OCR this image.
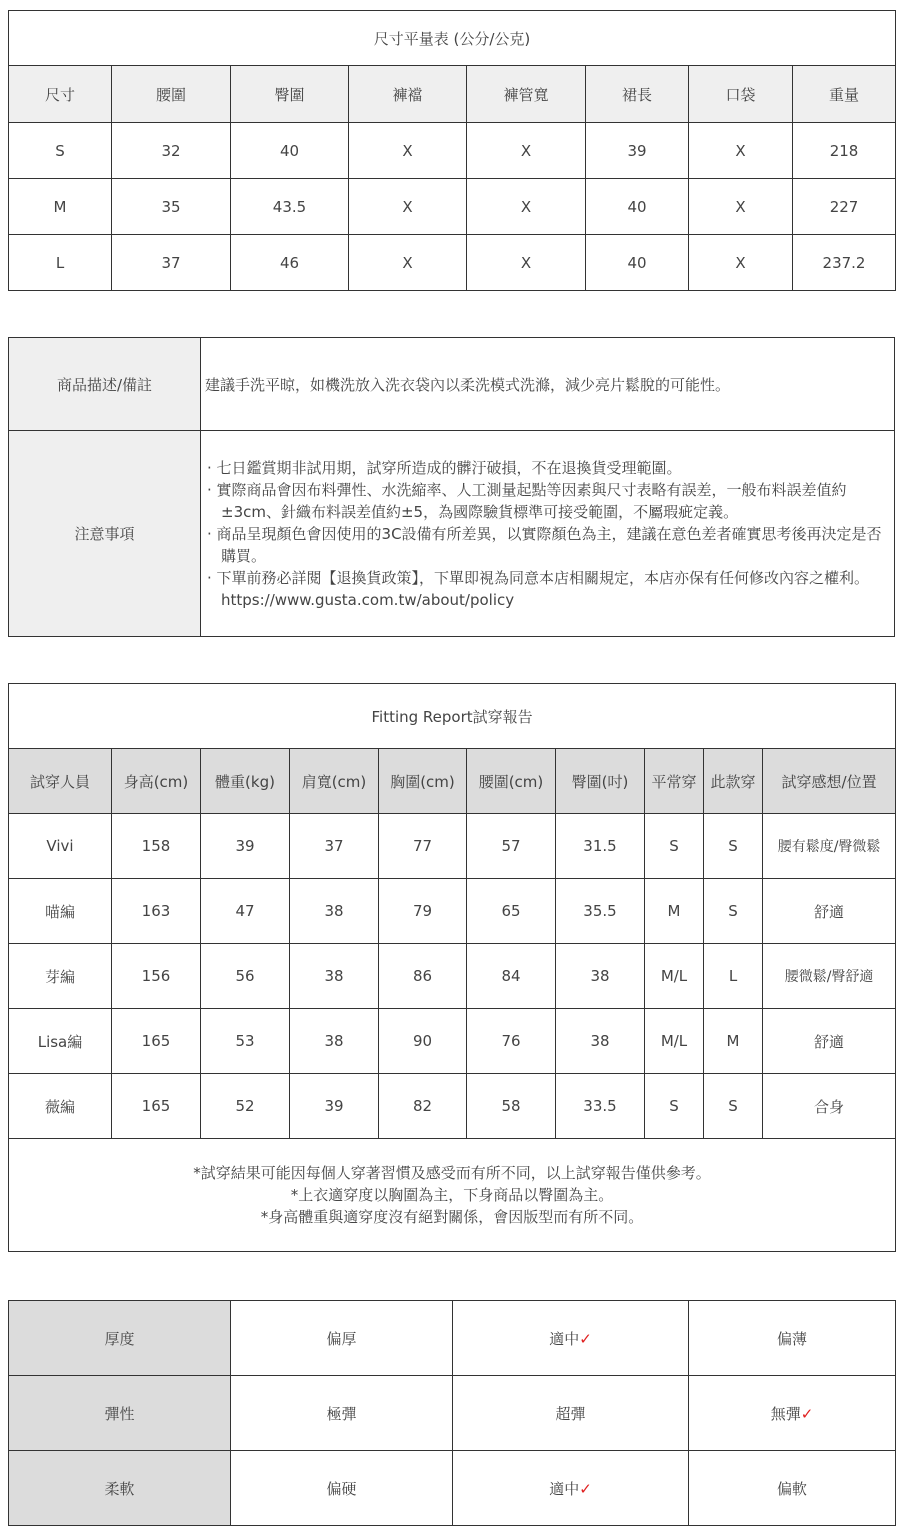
尺寸平量表 (公分/公克)							
尺寸	腰圍	臀圍	褲襠	褲管寬	裙長	口袋	重量
S	32	40	X	X	39	X	218
M	35	43.5	X	X	40	X	227
L	37	46	X	X	40	X	237.2
商品描述/備註	建議手洗平晾，如機洗放入洗衣袋內以柔洗模式洗滌，減少亮片鬆脫的可能性。
注意事項	· 七日鑑賞期非試用期，試穿所造成的髒汙破損，不在退換貨受理範圍。
· 實際商品會因布料彈性、水洗縮率、人工測量起點等因素與尺寸表略有誤差，一般布料誤差值約±3cm、針織布料誤差值約±5，為國際驗貨標準可接受範圍，不屬瑕疵定義。
· 商品呈現顏色會因使用的3C設備有所差異，以實際顏色為主，建議在意色差者確實思考後再決定是否購買。
· 下單前務必詳閱【退換貨政策】，下單即視為同意本店相關規定，本店亦保有任何修改內容之權利。https://www.gusta.com.tw/about/policy
Fitting Report試穿報告									
試穿人員	身高(cm)	體重(kg)	肩寬(cm)	胸圍(cm)	腰圍(cm)	臀圍(吋)	平常穿	此款穿	試穿感想/位置
Vivi	158	39	37	77	57	31.5	S	S	腰有鬆度/臀微鬆
喵編	163	47	38	79	65	35.5	M	S	舒適
芽編	156	56	38	86	84	38	M/L	L	腰微鬆/臀舒適
Lisa編	165	53	38	90	76	38	M/L	M	舒適
薇編	165	52	39	82	58	33.5	S	S	合身

*試穿結果可能因每個人穿著習慣及感受而有所不同，以上試穿報告僅供參考。
*上衣適穿度以胸圍為主，下身商品以臀圍為主。
*身高體重與適穿度沒有絕對關係，會因版型而有所不同。									
厚度	偏厚	適中✓	偏薄
彈性	極彈	超彈	無彈✓
柔軟	偏硬	適中✓	偏軟
